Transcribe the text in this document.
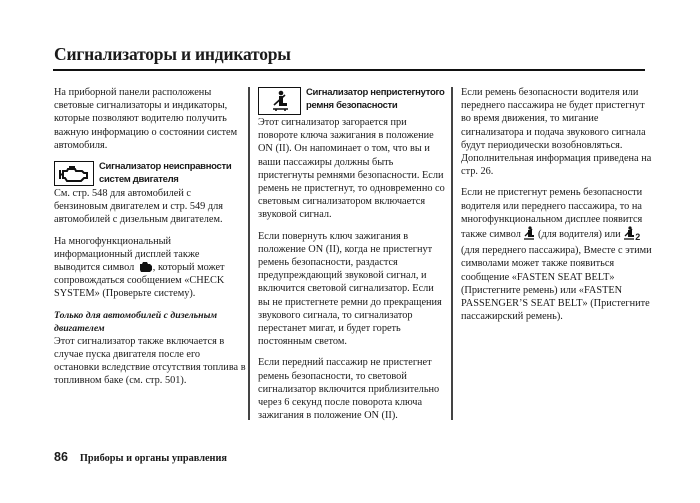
Сигнализаторы и индикаторы

На приборной панели расположены световые сигнализаторы и индикаторы, которые позволяют водителю получить важную информацию о состоянии систем автомобиля.

Сигнализатор неисправности систем двигателя

См. стр. 548 для автомобилей с бензиновым двигателем и стр. 549 для автомобилей с дизельным двигателем.

На многофункциональный информационный дисплей также выводится символ , который может сопровождаться сообщением «CHECK SYSTEM» (Проверьте систему).

Только для автомобилей с дизельным двигателем

Этот сигнализатор также включается в случае пуска двигателя после его остановки вследствие отсутствия топлива в топливном баке (см. стр. 501).

Сигнализатор непристегнутого ремня безопасности

Этот сигнализатор загорается при повороте ключа зажигания в положение ON (II). Он напоминает о том, что вы и ваши пассажиры должны быть пристегнуты ремнями безопасности. Если ремень не пристегнут, то одновременно со световым сигнализатором включается звуковой сигнал.

Если повернуть ключ зажигания в положение ON (II), когда не пристегнут ремень безопасности, раздастся предупреждающий звуковой сигнал, и включится световой сигнализатор. Если вы не пристегнете ремни до прекращения звукового сигнала, то сигнализатор перестанет мигат, и будет гореть постоянным светом.

Если передний пассажир не пристегнет ремень безопасности, то световой сигнализатор включится приблизительно через 6 секунд после поворота ключа зажигания в положение ON (II).

Если ремень безопасности водителя или переднего пассажира не будет пристегнут во время движения, то мигание сигнализатора и подача звукового сигнала будут периодически возобновляться. Дополнительная информация приведена на стр. 26.

Если не пристегнут ремень безопасности водителя или переднего пассажира, то на многофункциональном дисплее появится также символ (для водителя) или $_2$ (для переднего пассажира), Вместе с этими символами может также появиться сообщение «FASTEN SEAT BELT» (Пристегните ремень) или «FASTEN PASSENGER’S SEAT BELT» (Пристегните пассажирский ремень).

86 Приборы и органы управления
